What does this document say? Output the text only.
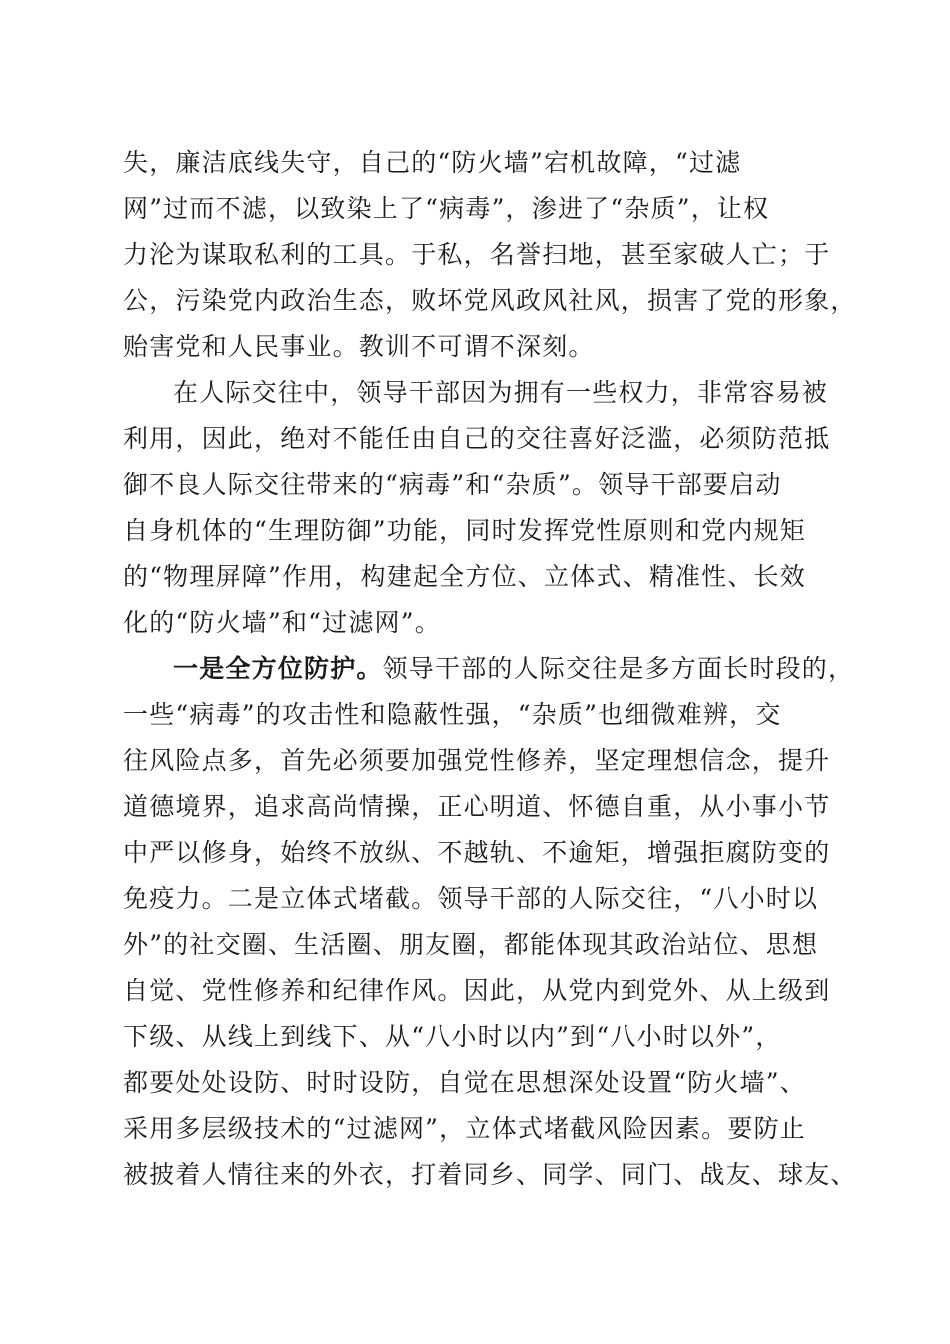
失，廉洁底线失守，自己的“防火墙”宕机故障，“过滤
网”过而不滤，以致染上了“病毒”，渗进了“杂质”，让权
力沦为谋取私利的工具。于私，名誉扫地，甚至家破人亡；于
公，污染党内政治生态，败坏党风政风社风，损害了党的形象，
贻害党和人民事业。教训不可谓不深刻。
在人际交往中，领导干部因为拥有一些权力，非常容易被
利用，因此，绝对不能任由自己的交往喜好泛滥，必须防范抵
御不良人际交往带来的“病毒”和“杂质”。领导干部要启动
自身机体的“生理防御”功能，同时发挥党性原则和党内规矩
的“物理屏障”作用，构建起全方位、立体式、精准性、长效
化的“防火墙”和“过滤网”。
一是全方位防护。领导干部的人际交往是多方面长时段的，
一些“病毒”的攻击性和隐蔽性强，“杂质”也细微难辨，交
往风险点多，首先必须要加强党性修养，坚定理想信念，提升
道德境界，追求高尚情操，正心明道、怀德自重，从小事小节
中严以修身，始终不放纵、不越轨、不逾矩，增强拒腐防变的
免疫力。二是立体式堵截。领导干部的人际交往，“八小时以
外”的社交圈、生活圈、朋友圈，都能体现其政治站位、思想
自觉、党性修养和纪律作风。因此，从党内到党外、从上级到
下级、从线上到线下、从“八小时以内”到“八小时以外”，
都要处处设防、时时设防，自觉在思想深处设置“防火墙”、
采用多层级技术的“过滤网”，立体式堵截风险因素。要防止
被披着人情往来的外衣，打着同乡、同学、同门、战友、球友、
